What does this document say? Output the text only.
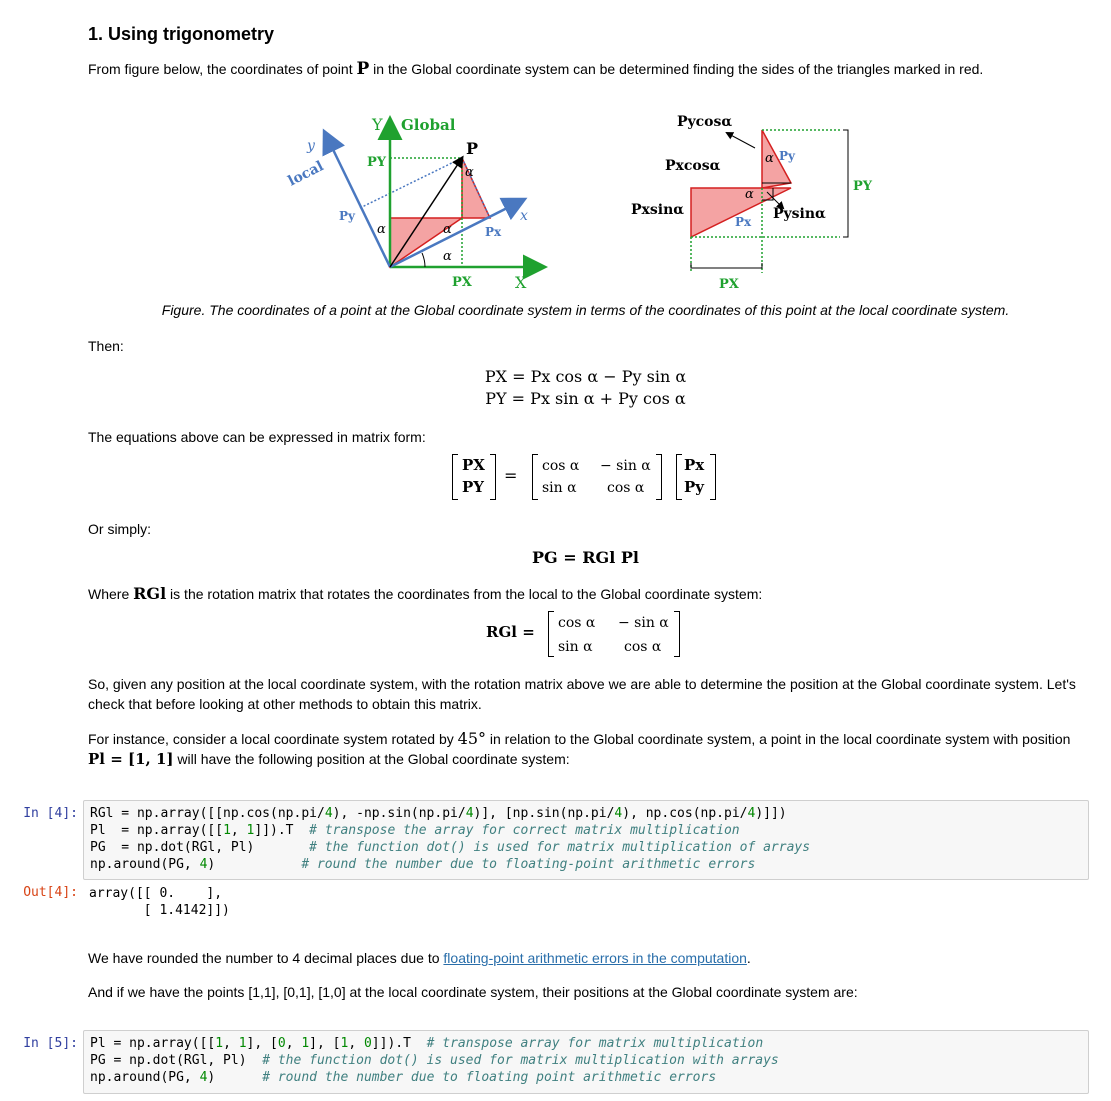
1. Using trigonometry
From figure below, the coordinates of point P in the Global coordinate system can be determined finding the sides of the triangles marked in red.
Y Global
X
local
y
x
P
PY
PX
Py
Px
α	α
α
α
Pycosα
Pxcosα
Pxsinα	Pysinα
PY
PX
Py
Px
α
α
Figure. The coordinates of a point at the Global coordinate system in terms of the coordinates of this point at the local coordinate system.
Then:
PX = Px cos α − Py sin α
PY = Px sin α + Py cos α
The equations above can be expressed in matrix form:
PX
PY
= cos α − sin α
sin α cos α
Px
Py
Or simply:
PG = RGl Pl
Where RGl is the rotation matrix that rotates the coordinates from the local to the Global coordinate system:
RGl = cos α − sin α
sin α cos α
So, given any position at the local coordinate system, with the rotation matrix above we are able to determine the position at the Global coordinate system. Let's check that before looking at other methods to obtain this matrix.
For instance, consider a local coordinate system rotated by 45° in relation to the Global coordinate system, a point in the local coordinate system with position Pl = [1, 1] will have the following position at the Global coordinate system:
In [4]: RGl = np.array([[np.cos(np.pi/4), -np.sin(np.pi/4)], [np.sin(np.pi/4), np.cos(np.pi/4)]])
Pl  = np.array([[1, 1]]).T  # transpose the array for correct matrix multiplication
PG  = np.dot(RGl, Pl)	# the function dot() is used for matrix multiplication of arrays
np.around(PG, 4)           # round the number due to floating-point arithmetic errors
Out[4]: array([[ 0.    ],
[ 1.4142]])
We have rounded the number to 4 decimal places due to floating-point arithmetic errors in the computation.
And if we have the points [1,1], [0,1], [1,0] at the local coordinate system, their positions at the Global coordinate system are:
In [5]: Pl = np.array([[1, 1], [0, 1], [1, 0]]).T  # transpose array for matrix multiplication
PG = np.dot(RGl, Pl)  # the function dot() is used for matrix multiplication with arrays
np.around(PG, 4)      # round the number due to floating point arithmetic errors
